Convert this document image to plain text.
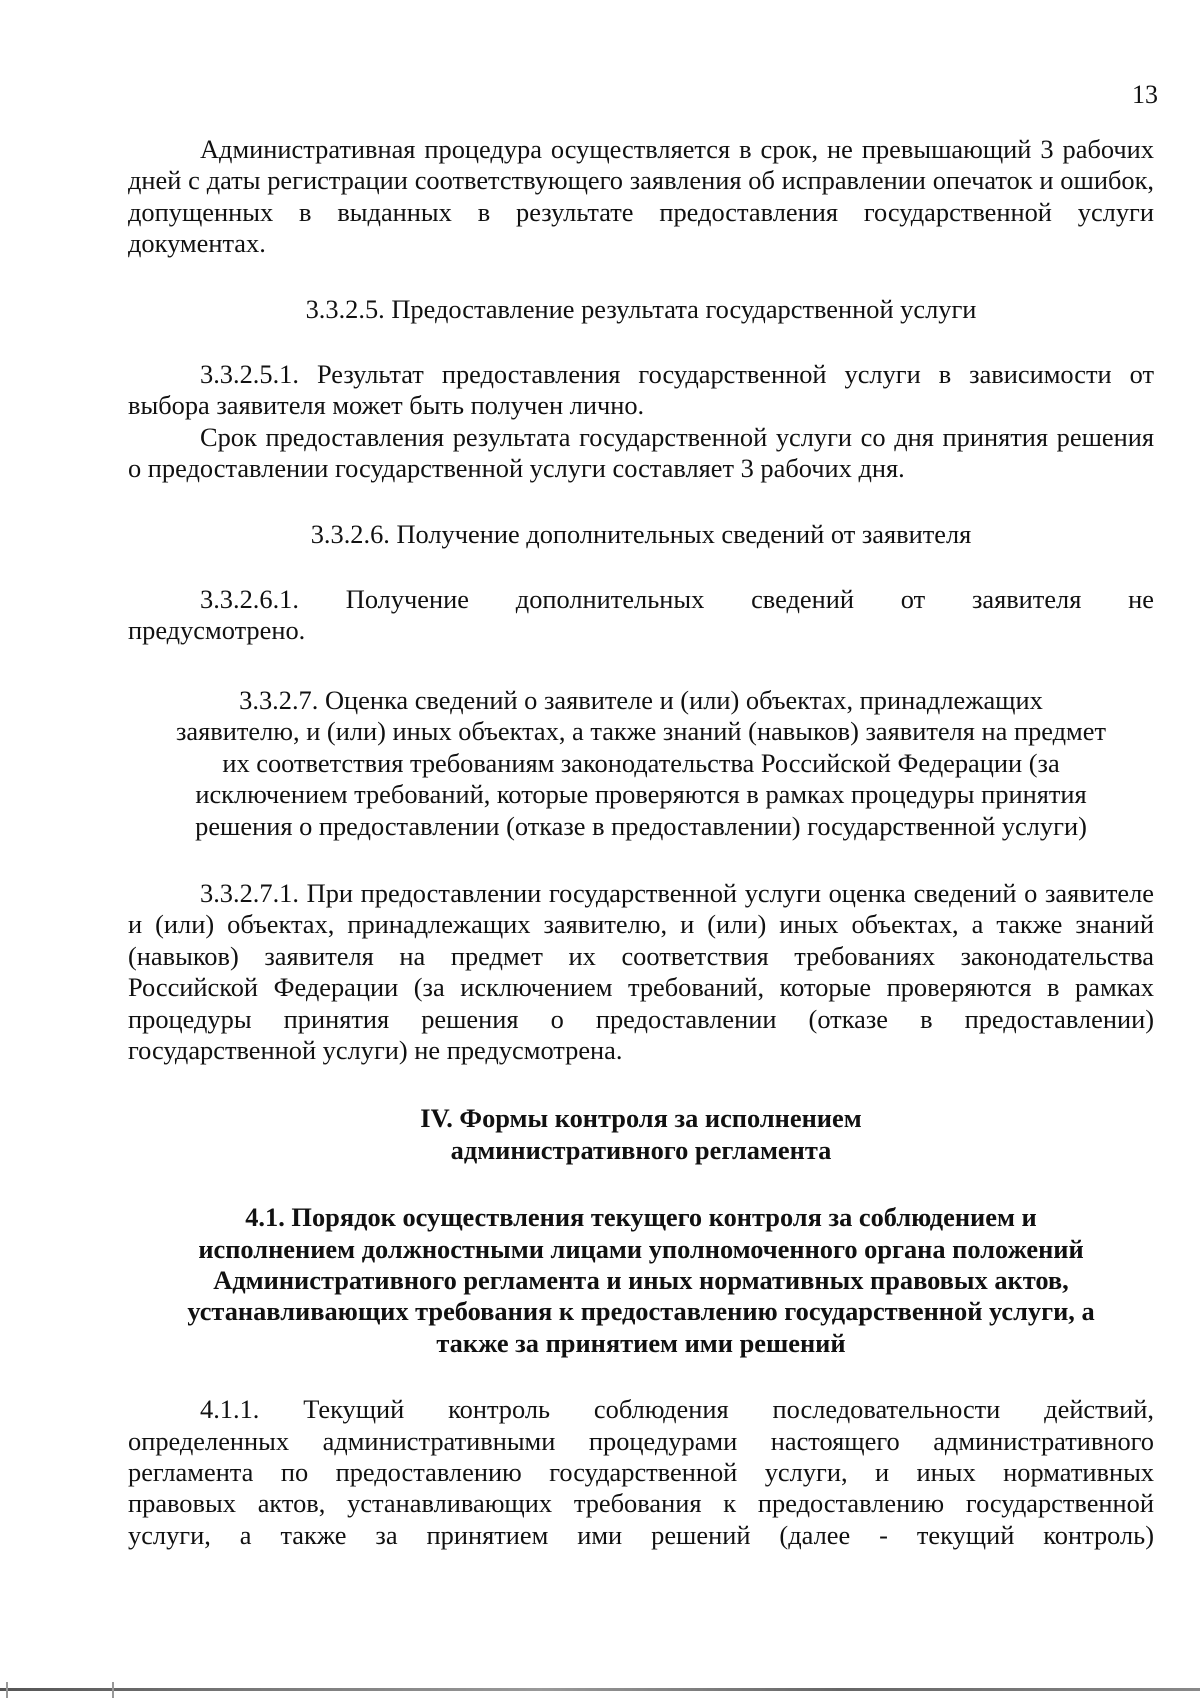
13

Административная процедура осуществляется в срок, не превышающий 3 рабочих дней с даты регистрации соответствующего заявления об исправлении опечаток и ошибок, допущенных в выданных в результате предоставления государственной услуги документах.

3.3.2.5. Предоставление результата государственной услуги

3.3.2.5.1. Результат предоставления государственной услуги в зависимости от выбора заявителя может быть получен лично.

Срок предоставления результата государственной услуги со дня принятия решения о предоставлении государственной услуги составляет 3 рабочих дня.

3.3.2.6. Получение дополнительных сведений от заявителя

3.3.2.6.1. Получение дополнительных сведений от заявителя не

предусмотрено.

3.3.2.7. Оценка сведений о заявителе и (или) объектах, принадлежащих

заявителю, и (или) иных объектах, а также знаний (навыков) заявителя на предмет

их соответствия требованиям законодательства Российской Федерации (за

исключением требований, которые проверяются в рамках процедуры принятия

решения о предоставлении (отказе в предоставлении) государственной услуги)

3.3.2.7.1. При предоставлении государственной услуги оценка сведений о заявителе и (или) объектах, принадлежащих заявителю, и (или) иных объектах, а также знаний (навыков) заявителя на предмет их соответствия требованиях законодательства Российской Федерации (за исключением требований, которые проверяются в рамках процедуры принятия решения о предоставлении (отказе в предоставлении) государственной услуги) не предусмотрена.

IV. Формы контроля за исполнением

административного регламента

4.1. Порядок осуществления текущего контроля за соблюдением и

исполнением должностными лицами уполномоченного органа положений

Административного регламента и иных нормативных правовых актов,

устанавливающих требования к предоставлению государственной услуги, а

также за принятием ими решений

4.1.1. Текущий контроль соблюдения последовательности действий,

определенных административными процедурами настоящего административного

регламента по предоставлению государственной услуги, и иных нормативных

правовых актов, устанавливающих требования к предоставлению государственной

услуги, а также за принятием ими решений (далее - текущий контроль)
